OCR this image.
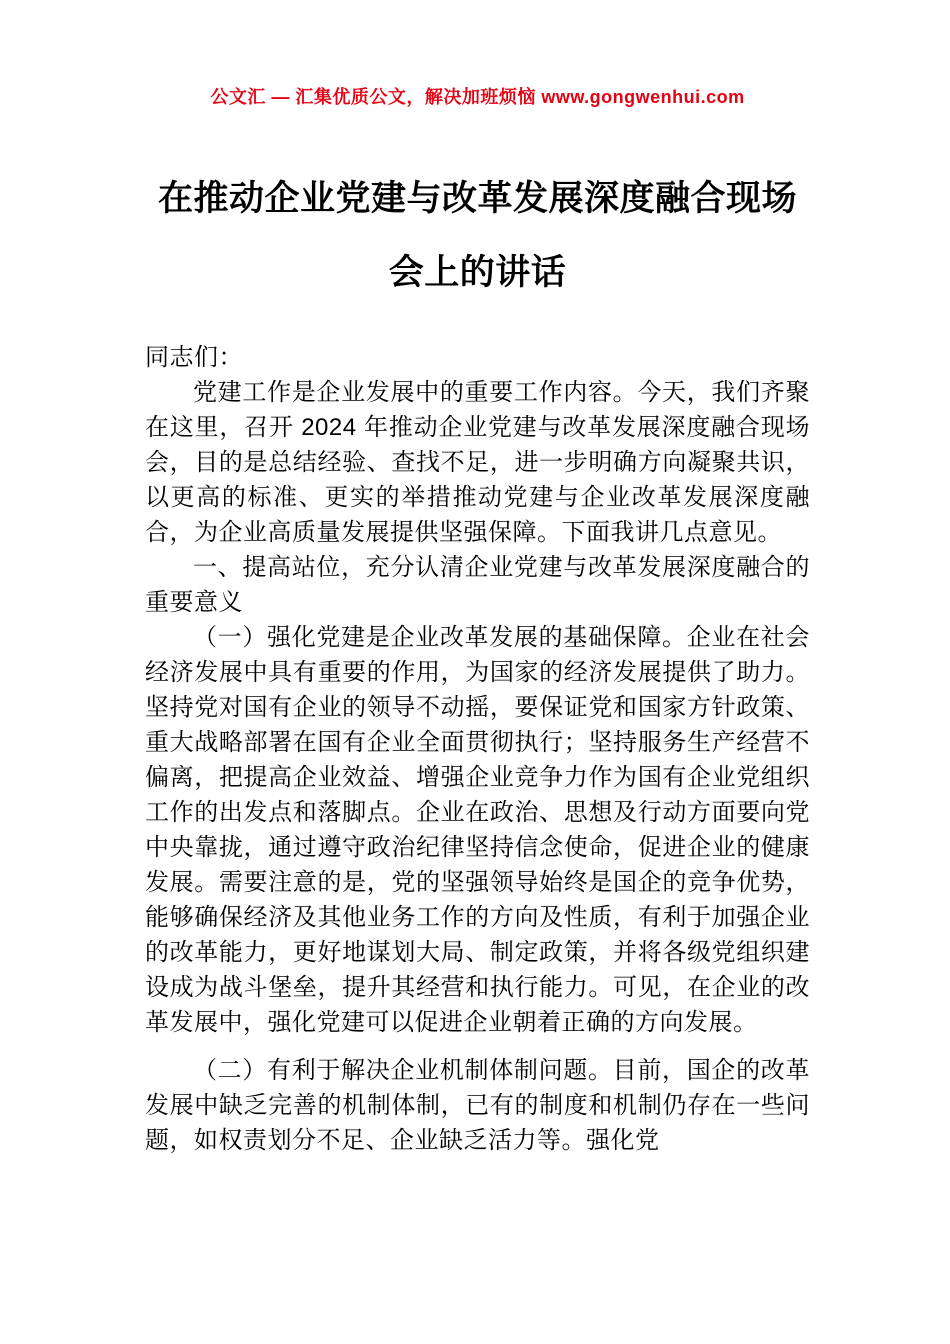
公文汇 — 汇集优质公文，解决加班烦恼 www.gongwenhui.com
在推动企业党建与改革发展深度融合现场会上的讲话

同志们：

党建工作是企业发展中的重要工作内容。今天，我们齐聚在这里，召开 2024 年推动企业党建与改革发展深度融合现场会，目的是总结经验、查找不足，进一步明确方向凝聚共识，以更高的标准、更实的举措推动党建与企业改革发展深度融合，为企业高质量发展提供坚强保障。下面我讲几点意见。

一、提高站位，充分认清企业党建与改革发展深度融合的重要意义

（一）强化党建是企业改革发展的基础保障。企业在社会经济发展中具有重要的作用，为国家的经济发展提供了助力。坚持党对国有企业的领导不动摇，要保证党和国家方针政策、重大战略部署在国有企业全面贯彻执行；坚持服务生产经营不偏离，把提高企业效益、增强企业竞争力作为国有企业党组织工作的出发点和落脚点。企业在政治、思想及行动方面要向党中央靠拢，通过遵守政治纪律坚持信念使命，促进企业的健康发展。需要注意的是，党的坚强领导始终是国企的竞争优势，能够确保经济及其他业务工作的方向及性质，有利于加强企业的改革能力，更好地谋划大局、制定政策，并将各级党组织建设成为战斗堡垒，提升其经营和执行能力。可见，在企业的改革发展中，强化党建可以促进企业朝着正确的方向发展。

（二）有利于解决企业机制体制问题。目前，国企的改革发展中缺乏完善的机制体制，已有的制度和机制仍存在一些问题，如权责划分不足、企业缺乏活力等。强化党
